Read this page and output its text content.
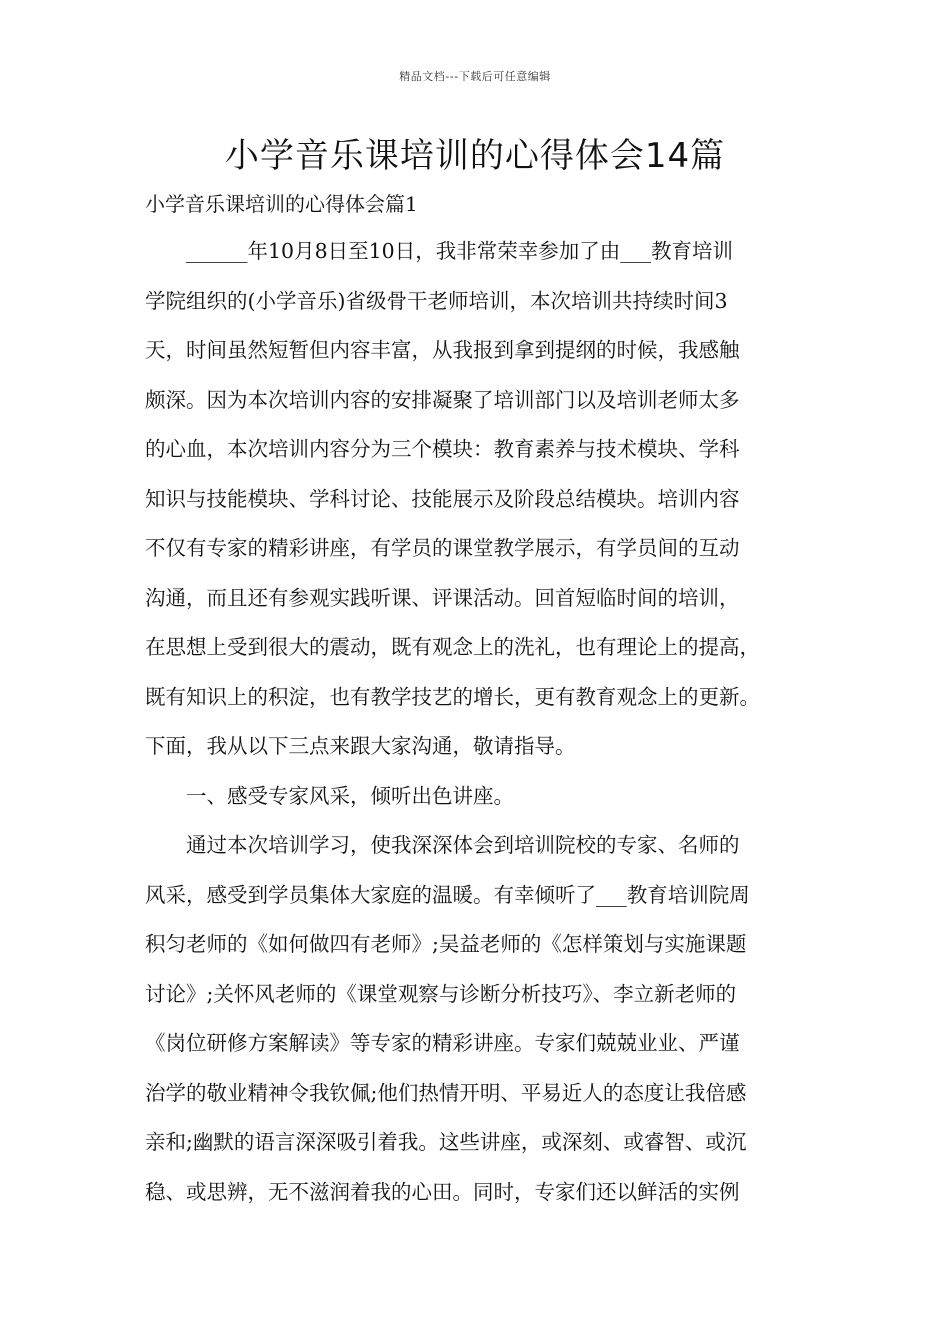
精品文档---下载后可任意编辑
小学音乐课培训的心得体会14篇
小学音乐课培训的心得体会篇1
______年10月8日至10日，我非常荣幸参加了由___教育培训
学院组织的(小学音乐)省级骨干老师培训，本次培训共持续时间3
天，时间虽然短暂但内容丰富，从我报到拿到提纲的时候，我感触
颇深。因为本次培训内容的安排凝聚了培训部门以及培训老师太多
的心血，本次培训内容分为三个模块：教育素养与技术模块、学科
知识与技能模块、学科讨论、技能展示及阶段总结模块。培训内容
不仅有专家的精彩讲座，有学员的课堂教学展示，有学员间的互动
沟通，而且还有参观实践听课、评课活动。回首短临时间的培训，
在思想上受到很大的震动，既有观念上的洗礼，也有理论上的提高，
既有知识上的积淀，也有教学技艺的增长，更有教育观念上的更新。
下面，我从以下三点来跟大家沟通，敬请指导。
一、感受专家风采，倾听出色讲座。
通过本次培训学习，使我深深体会到培训院校的专家、名师的
风采，感受到学员集体大家庭的温暖。有幸倾听了___教育培训院周
积匀老师的《如何做四有老师》;吴益老师的《怎样策划与实施课题
讨论》;关怀风老师的《课堂观察与诊断分析技巧》、李立新老师的
《岗位研修方案解读》等专家的精彩讲座。专家们兢兢业业、严谨
治学的敬业精神令我钦佩;他们热情开明、平易近人的态度让我倍感
亲和;幽默的语言深深吸引着我。这些讲座，或深刻、或睿智、或沉
稳、或思辨，无不滋润着我的心田。同时，专家们还以鲜活的实例
